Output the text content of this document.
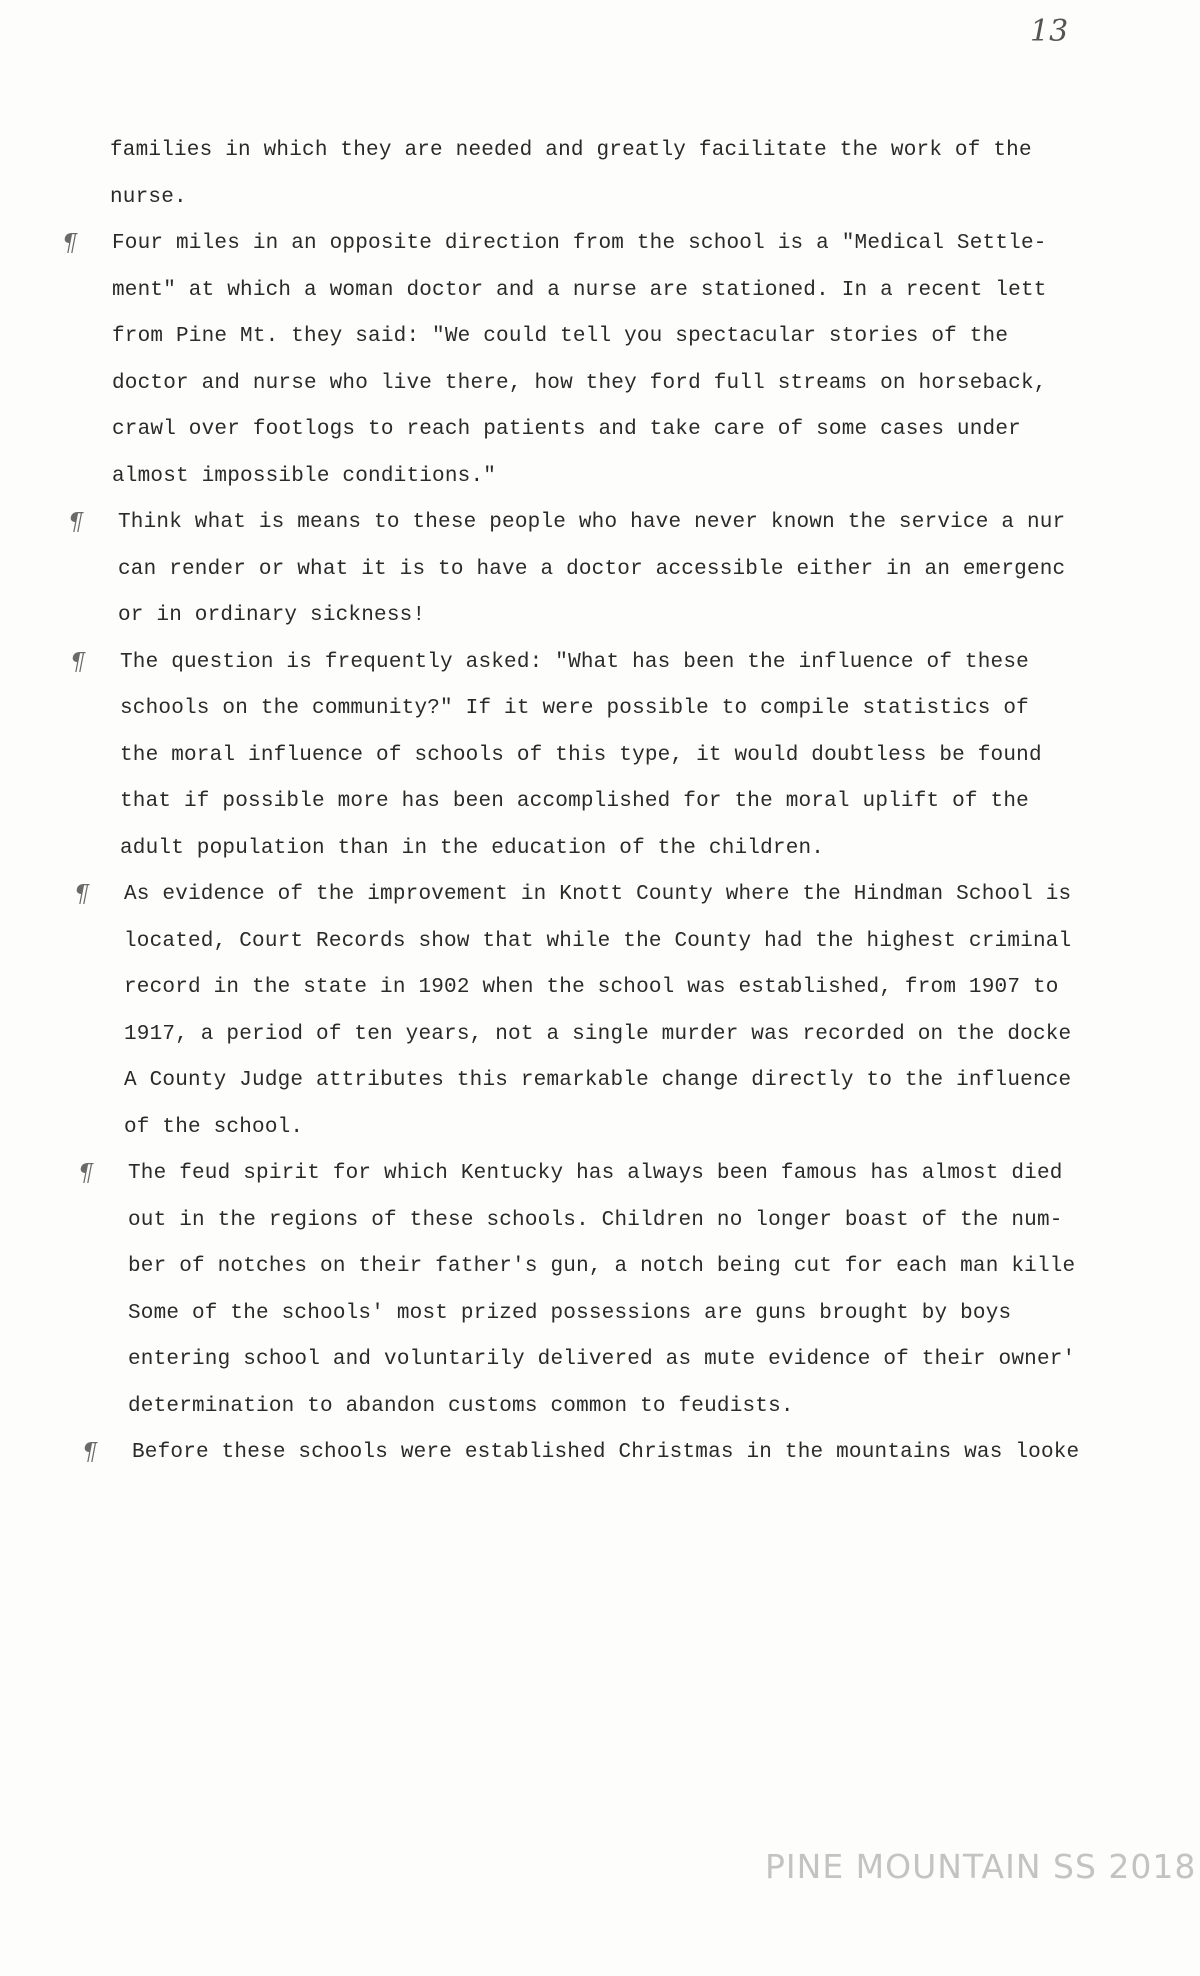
13
families in which they are needed and greatly facilitate the work of the
nurse.
¶ Four miles in an opposite direction from the school is a "Medical Settle-
ment" at which a woman doctor and a nurse are stationed. In a recent lett
from Pine Mt. they said: "We could tell you spectacular stories of the
doctor and nurse who live there, how they ford full streams on horseback,
crawl over footlogs to reach patients and take care of some cases under
almost impossible conditions."
¶ Think what is means to these people who have never known the service a nur
can render or what it is to have a doctor accessible either in an emergenc
or in ordinary sickness!
¶ The question is frequently asked: "What has been the influence of these
schools on the community?" If it were possible to compile statistics of
the moral influence of schools of this type, it would doubtless be found
that if possible more has been accomplished for the moral uplift of the
adult population than in the education of the children.
¶ As evidence of the improvement in Knott County where the Hindman School is
located, Court Records show that while the County had the highest criminal
record in the state in 1902 when the school was established, from 1907 to
1917, a period of ten years, not a single murder was recorded on the docke
A County Judge attributes this remarkable change directly to the influence
of the school.
¶ The feud spirit for which Kentucky has always been famous has almost died
out in the regions of these schools. Children no longer boast of the num-
ber of notches on their father's gun, a notch being cut for each man kille
Some of the schools' most prized possessions are guns brought by boys
entering school and voluntarily delivered as mute evidence of their owner'
determination to abandon customs common to feudists.
¶ Before these schools were established Christmas in the mountains was looke
PINE MOUNTAIN SS 2018
